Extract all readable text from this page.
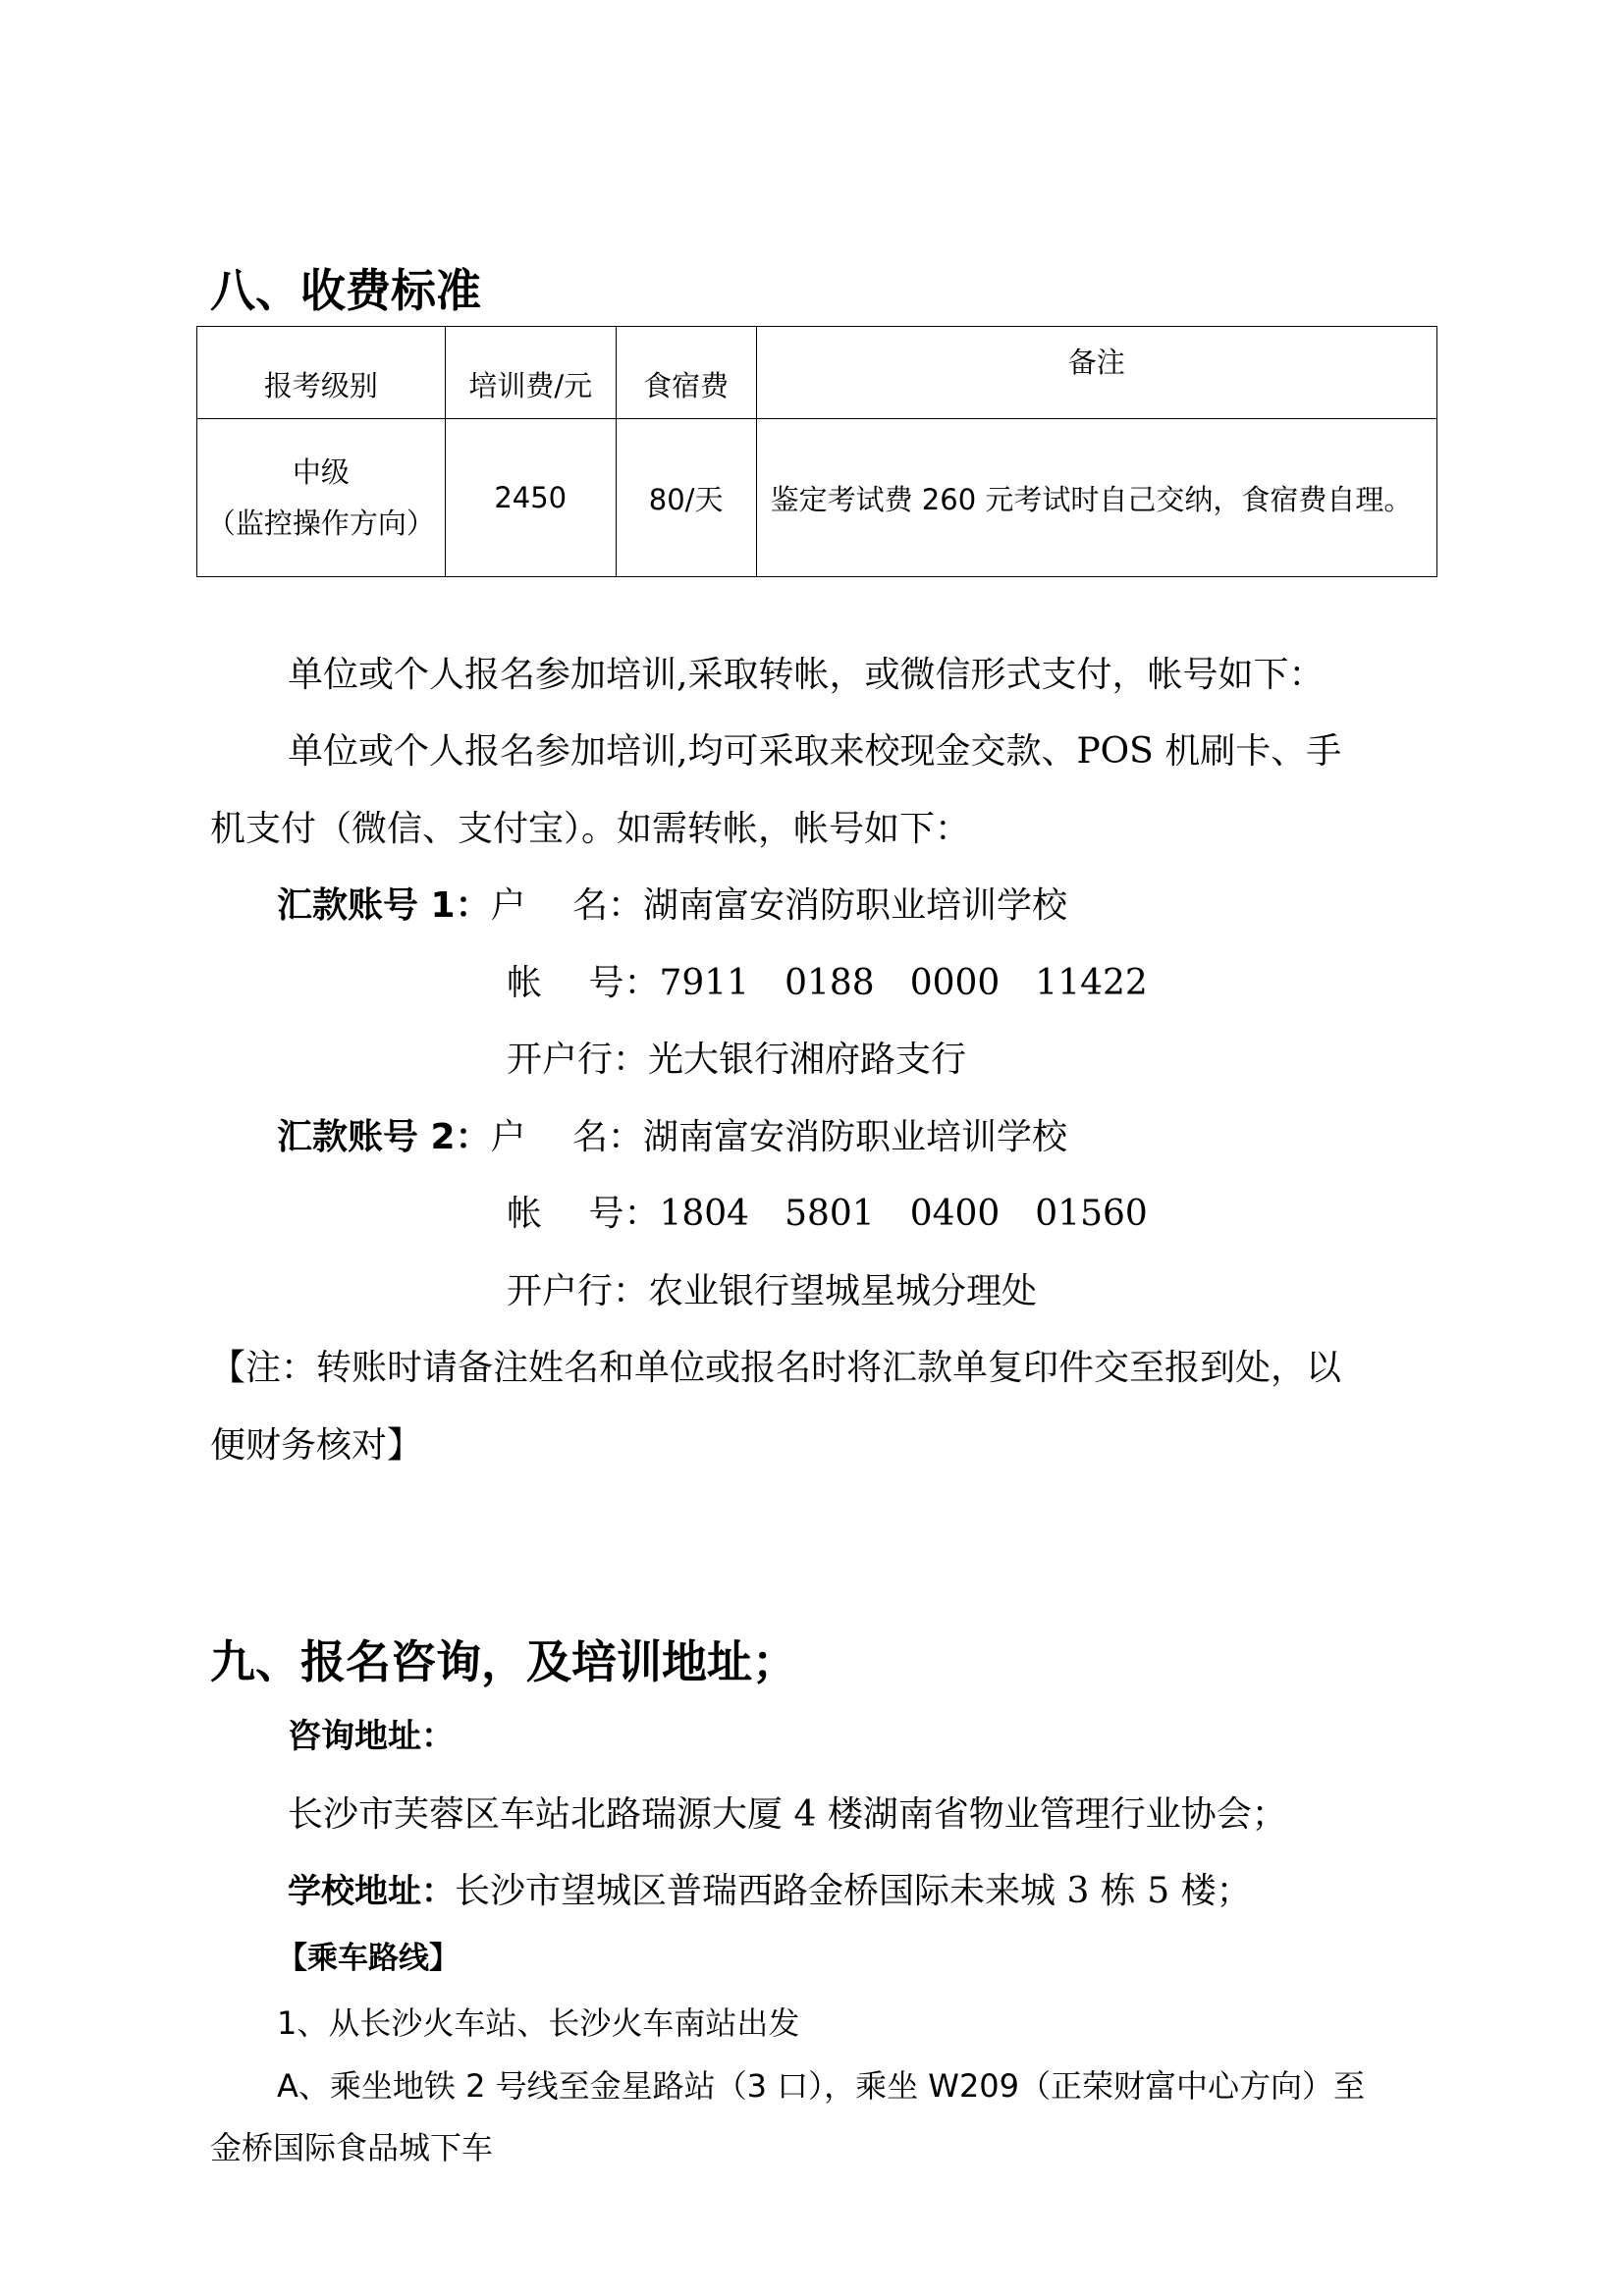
八、收费标准
报考级别	培训费/元	食宿费	备注

中级
（监控操作方向）	2450	80/天	鉴定考试费 260 元考试时自己交纳，食宿费自理。
单位或个人报名参加培训,采取转帐，或微信形式支付，帐号如下：
单位或个人报名参加培训,均可采取来校现金交款、POS 机刷卡、手
机支付（微信、支付宝）。如需转帐，帐号如下：
汇款账号 1：户　 名：湖南富安消防职业培训学校
帐　 号：7911　0188　0000　11422
开户行：光大银行湘府路支行
汇款账号 2：户　 名：湖南富安消防职业培训学校
帐　 号：1804　5801　0400　01560
开户行：农业银行望城星城分理处
【注：转账时请备注姓名和单位或报名时将汇款单复印件交至报到处，以
便财务核对】
九、报名咨询，及培训地址；
咨询地址：
长沙市芙蓉区车站北路瑞源大厦 4 楼湖南省物业管理行业协会；
学校地址：长沙市望城区普瑞西路金桥国际未来城 3 栋 5 楼；
【乘车路线】
1、从长沙火车站、长沙火车南站出发
A、乘坐地铁 2 号线至金星路站（3 口），乘坐 W209（正荣财富中心方向）至
金桥国际食品城下车
